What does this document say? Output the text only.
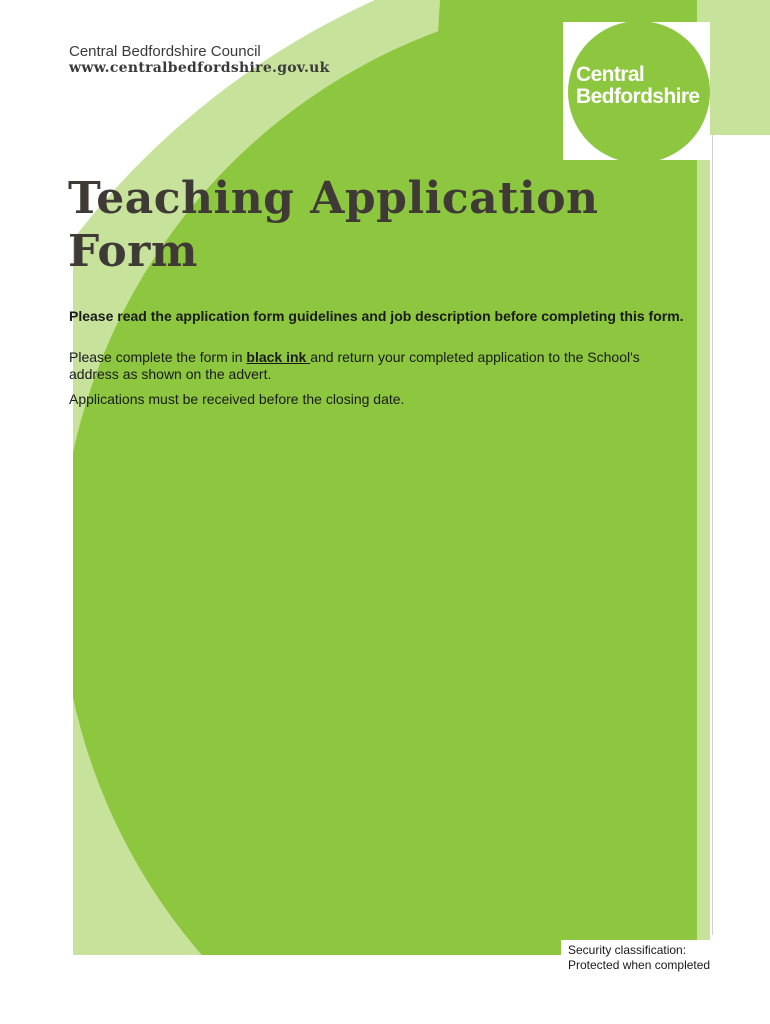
Central Bedfordshire Council
www.centralbedfordshire.gov.uk	Central
Bedfordshire
Teaching Application Form

Please read the application form guidelines and job description before completing this form.

Please complete the form in black ink and return your completed application to the School's address as shown on the advert.

Applications must be received before the closing date.

Security classification:
Protected when completed
